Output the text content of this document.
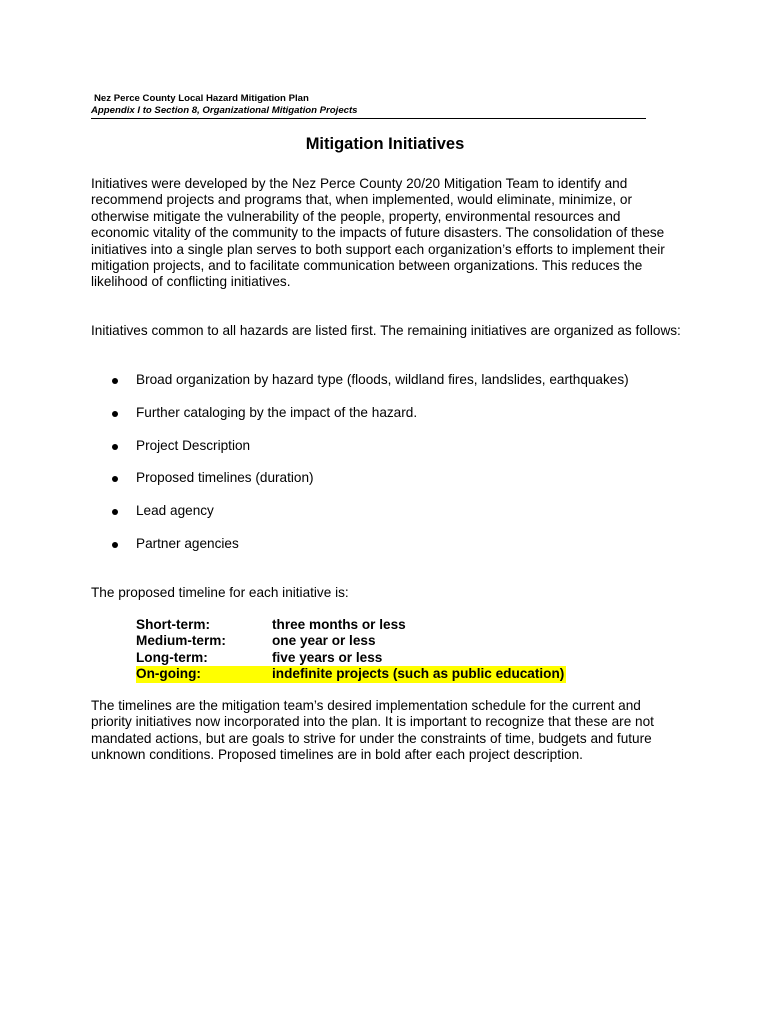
Nez Perce County Local Hazard Mitigation Plan
Appendix I to Section 8, Organizational Mitigation Projects
Mitigation Initiatives

Initiatives were developed by the Nez Perce County 20/20 Mitigation Team to identify and recommend projects and programs that, when implemented, would eliminate, minimize, or otherwise mitigate the vulnerability of the people, property, environmental resources and economic vitality of the community to the impacts of future disasters. The consolidation of these initiatives into a single plan serves to both support each organization’s efforts to implement their mitigation projects, and to facilitate communication between organizations. This reduces the likelihood of conflicting initiatives.

Initiatives common to all hazards are listed first. The remaining initiatives are organized as follows:

Broad organization by hazard type (floods, wildland fires, landslides, earthquakes)
Further cataloging by the impact of the hazard.
Project Description
Proposed timelines (duration)
Lead agency
Partner agencies
The proposed timeline for each initiative is:
Short-term:	three months or less
Medium-term:	one year or less
Long-term:	five years or less
On-going:	indefinite projects (such as public education)

The timelines are the mitigation team’s desired implementation schedule for the current and priority initiatives now incorporated into the plan. It is important to recognize that these are not mandated actions, but are goals to strive for under the constraints of time, budgets and future unknown conditions. Proposed timelines are in bold after each project description.
